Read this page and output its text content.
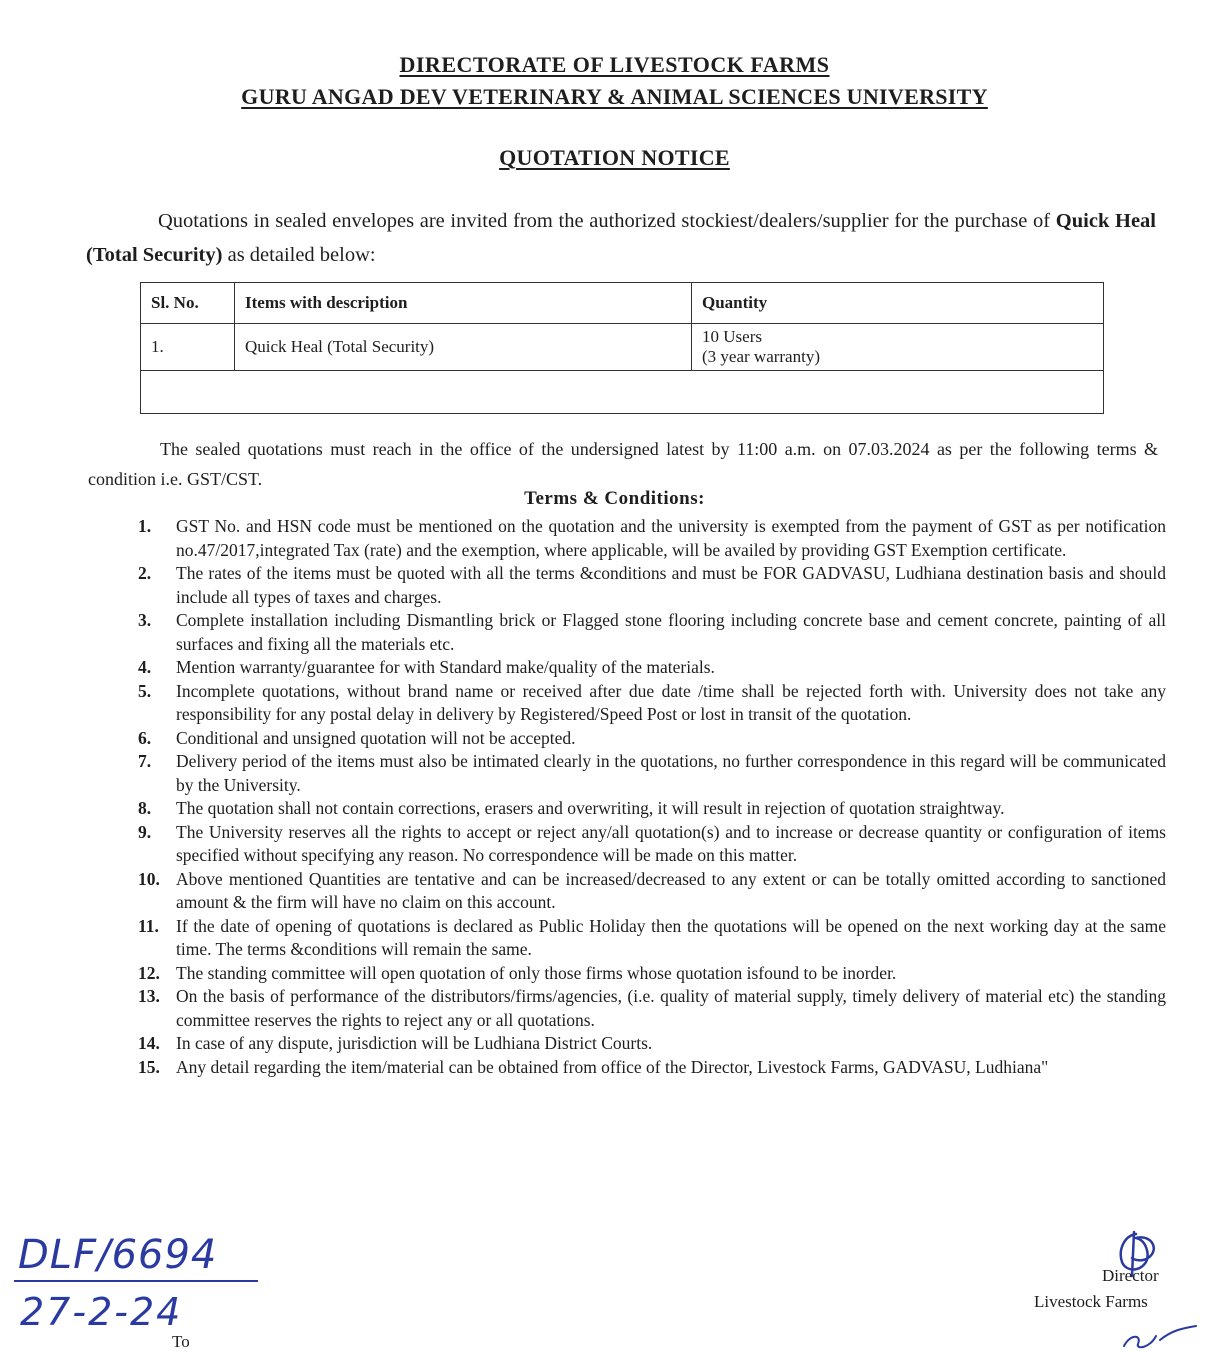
DIRECTORATE OF LIVESTOCK FARMS
GURU ANGAD DEV VETERINARY & ANIMAL SCIENCES UNIVERSITY
QUOTATION NOTICE

Quotations in sealed envelopes are invited from the authorized stockiest/dealers/supplier for the purchase of Quick Heal (Total Security) as detailed below:

Sl. No.	Items with description	Quantity
1.	Quick Heal (Total Security)	10 Users
(3 year warranty)

The sealed quotations must reach in the office of the undersigned latest by 11:00 a.m. on 07.03.2024 as per the following terms & condition i.e. GST/CST.

Terms & Conditions:
1. GST No. and HSN code must be mentioned on the quotation and the university is exempted from the payment of GST as per notification no.47/2017,integrated Tax (rate) and the exemption, where applicable, will be availed by providing GST Exemption certificate.
2. The rates of the items must be quoted with all the terms &conditions and must be FOR GADVASU, Ludhiana destination basis and should include all types of taxes and charges.
3. Complete installation including Dismantling brick or Flagged stone flooring including concrete base and cement concrete, painting of all surfaces and fixing all the materials etc.
4. Mention warranty/guarantee for with Standard make/quality of the materials.
5. Incomplete quotations, without brand name or received after due date /time shall be rejected forth with. University does not take any responsibility for any postal delay in delivery by Registered/Speed Post or lost in transit of the quotation.
6. Conditional and unsigned quotation will not be accepted.
7. Delivery period of the items must also be intimated clearly in the quotations, no further correspondence in this regard will be communicated by the University.
8. The quotation shall not contain corrections, erasers and overwriting, it will result in rejection of quotation straightway.
9. The University reserves all the rights to accept or reject any/all quotation(s) and to increase or decrease quantity or configuration of items specified without specifying any reason. No correspondence will be made on this matter.
10. Above mentioned Quantities are tentative and can be increased/decreased to any extent or can be totally omitted according to sanctioned amount & the firm will have no claim on this account.
11. If the date of opening of quotations is declared as Public Holiday then the quotations will be opened on the next working day at the same time. The terms &conditions will remain the same.
12. The standing committee will open quotation of only those firms whose quotation isfound to be inorder.
13. On the basis of performance of the distributors/firms/agencies, (i.e. quality of material supply, timely delivery of material etc) the standing committee reserves the rights to reject any or all quotations.
14. In case of any dispute, jurisdiction will be Ludhiana District Courts.
15. Any detail regarding the item/material can be obtained from office of the Director, Livestock Farms, GADVASU, Ludhiana"
DLF/6694
27-2-24
To
Director
Livestock Farms
